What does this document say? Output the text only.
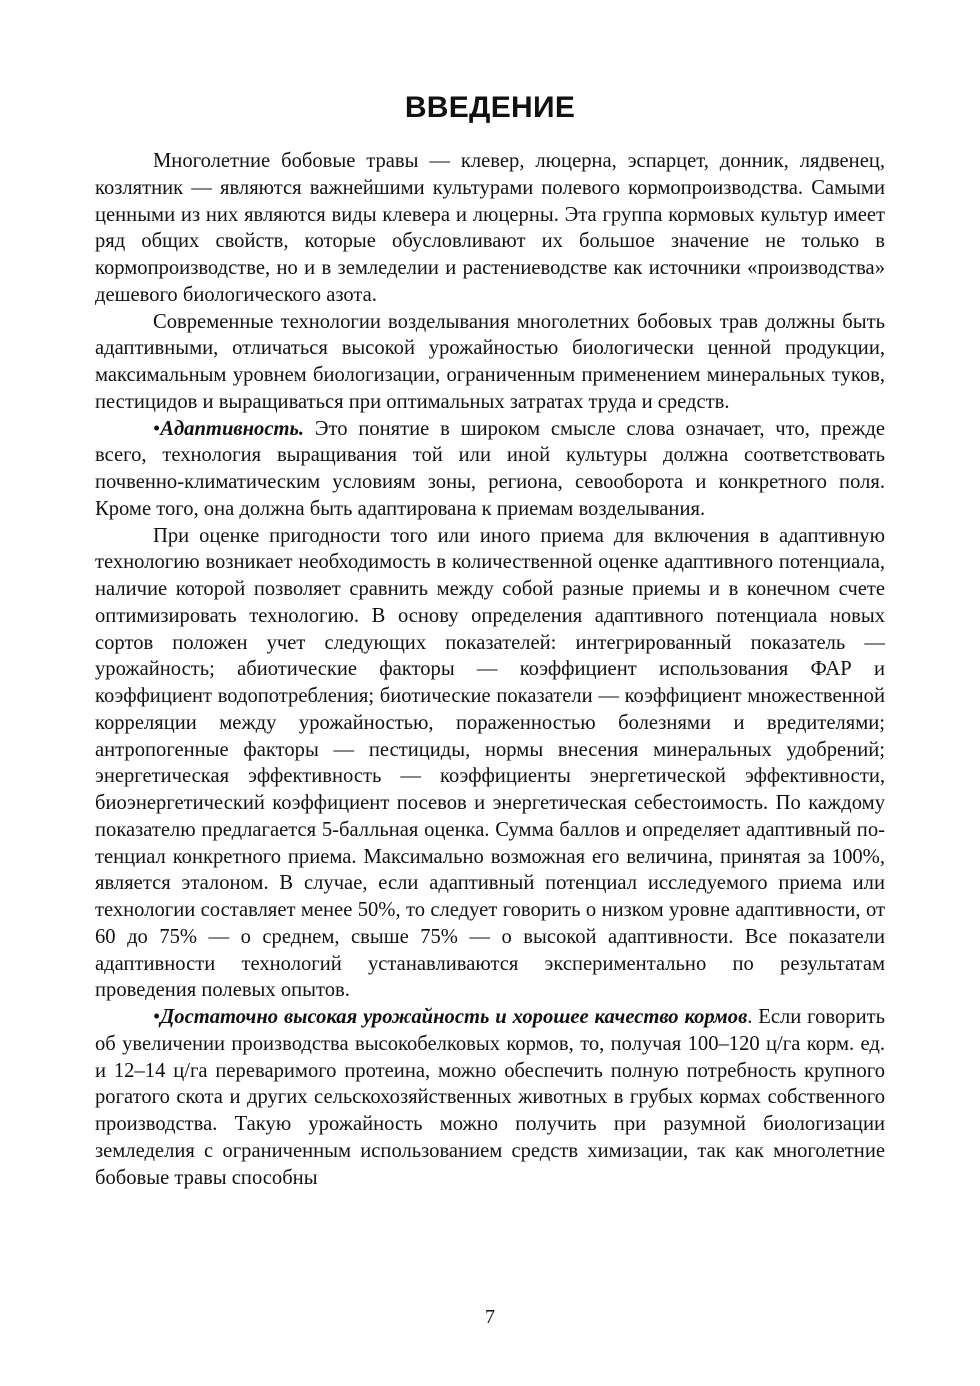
ВВЕДЕНИЕ

Многолетние бобовые травы — клевер, люцерна, эспарцет, донник, лядвенец, козлятник — являются важнейшими культурами полевого кормопроизводства. Самыми ценными из них являются виды клевера и люцерны. Эта группа кормовых культур имеет ряд общих свойств, которые обусловливают их большое значение не только в кормопроизводстве, но и в земледелии и растениеводстве как источники «производства» дешевого биологического азота.

Современные технологии возделывания многолетних бобовых трав должны быть адаптивными, отличаться высокой урожайностью биологически ценной продукции, максимальным уровнем биологизации, ограниченным применением минеральных туков, пестицидов и выращиваться при оптимальных затратах труда и средств.

•Адаптивность. Это понятие в широком смысле слова означает, что, прежде всего, технология выращивания той или иной культуры должна соответствовать почвенно-климатическим условиям зоны, региона, севооборота и конкретного поля. Кроме того, она должна быть адаптирована к приемам возделывания.

При оценке пригодности того или иного приема для включения в адаптивную технологию возникает необходимость в количественной оценке адаптивного потенциала, наличие которой позволяет сравнить между собой разные приемы и в конечном счете оптимизировать технологию. В основу определения адаптивного потенциала новых сортов положен учет следующих показателей: интегрированный показатель — урожайность; абиотические факторы — коэффициент использования ФАР и коэффициент водопотребления; биотические показатели — коэффициент множественной корреляции между урожайностью, пораженностью болезнями и вредителями; антропогенные факторы — пестициды, нормы внесения минеральных удобрений; энергетическая эффективность — коэффициенты энергетической эффективности, биоэнергетический коэффициент посевов и энергетическая себестоимость. По каждому показателю предлагается 5-балльная оценка. Сумма баллов и определяет адаптивный потенциал конкретного приема. Максимально возможная его величина, принятая за 100%, является эталоном. В случае, если адаптивный потенциал исследуемого приема или технологии составляет менее 50%, то следует говорить о низком уровне адаптивности, от 60 до 75% — о среднем, свыше 75% — о высокой адаптивности. Все показатели адаптивности технологий устанавливаются экспериментально по результатам проведения полевых опытов.

•Достаточно высокая урожайность и хорошее качество кормов. Если говорить об увеличении производства высокобелковых кормов, то, получая 100–120 ц/га корм. ед. и 12–14 ц/га переваримого протеина, можно обеспечить полную потребность крупного рогатого скота и других сельскохозяйственных животных в грубых кормах собственного производства. Такую урожайность можно получить при разумной биологизации земледелия с ограниченным использованием средств химизации, так как многолетние бобовые травы способны

7
